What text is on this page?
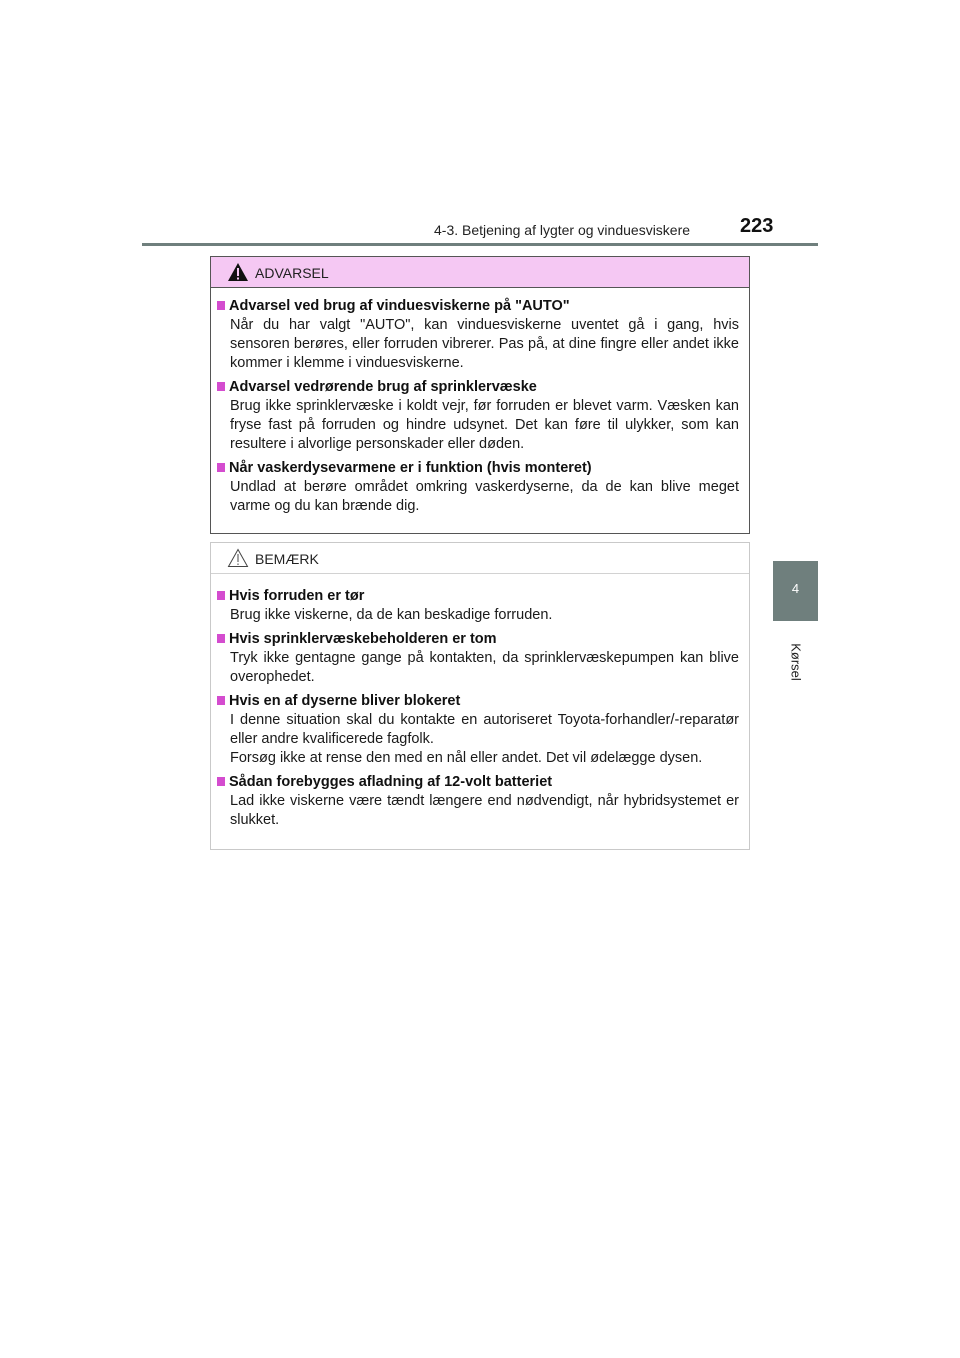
4-3. Betjening af lygter og vinduesviskere 223
4
Kørsel
ADVARSEL
Advarsel ved brug af vinduesviskerne på "AUTO"
Når du har valgt "AUTO", kan vinduesviskerne uventet gå i gang, hvis sensoren berøres, eller forruden vibrerer. Pas på, at dine fingre eller andet ikke kommer i klemme i vinduesviskerne.
Advarsel vedrørende brug af sprinklervæske
Brug ikke sprinklervæske i koldt vejr, før forruden er blevet varm. Væsken kan fryse fast på forruden og hindre udsynet. Det kan føre til ulykker, som kan resultere i alvorlige personskader eller døden.
Når vaskerdysevarmene er i funktion (hvis monteret)
Undlad at berøre området omkring vaskerdyserne, da de kan blive meget varme og du kan brænde dig.
BEMÆRK
Hvis forruden er tør
Brug ikke viskerne, da de kan beskadige forruden.
Hvis sprinklervæskebeholderen er tom
Tryk ikke gentagne gange på kontakten, da sprinklervæskepumpen kan blive overophedet.
Hvis en af dyserne bliver blokeret
I denne situation skal du kontakte en autoriseret Toyota-forhandler/-reparatør eller andre kvalificerede fagfolk.
Forsøg ikke at rense den med en nål eller andet. Det vil ødelægge dysen.
Sådan forebygges afladning af 12-volt batteriet
Lad ikke viskerne være tændt længere end nødvendigt, når hybridsystemet er slukket.
